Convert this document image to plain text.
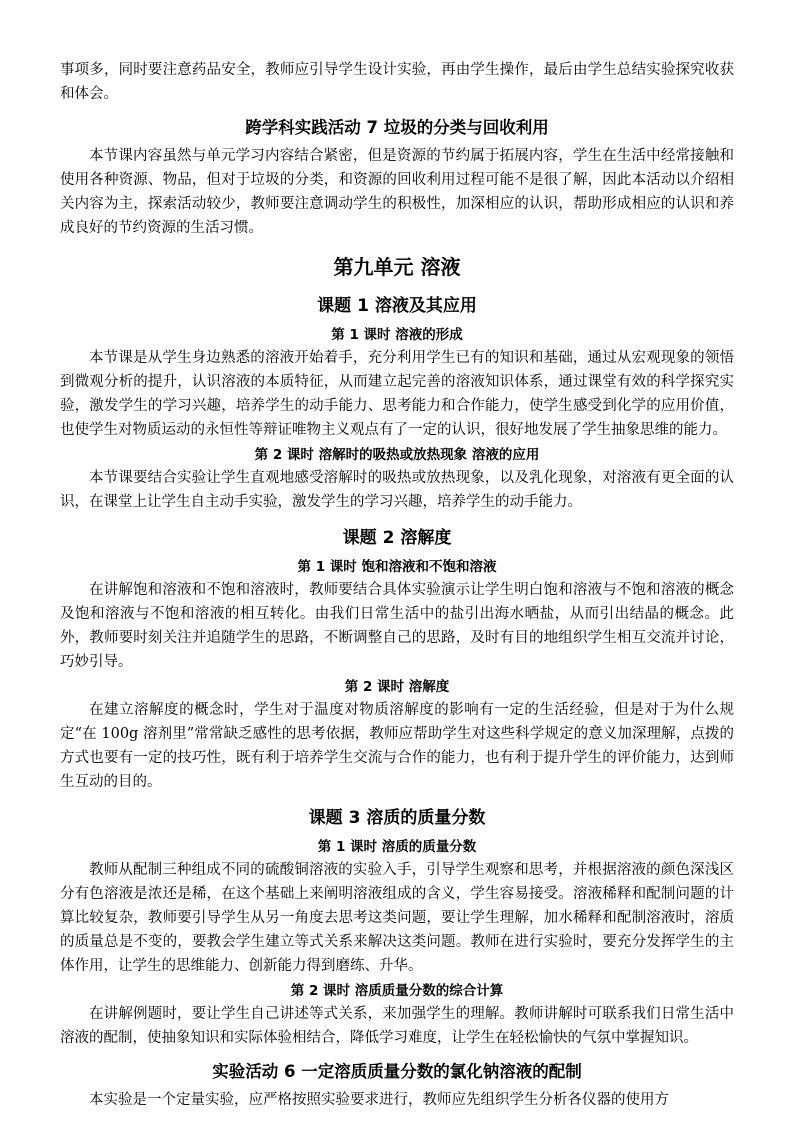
事项多，同时要注意药品安全，教师应引导学生设计实验，再由学生操作，最后由学生总结实验探究收获和体会。

跨学科实践活动 7 垃圾的分类与回收利用

本节课内容虽然与单元学习内容结合紧密，但是资源的节约属于拓展内容，学生在生活中经常接触和使用各种资源、物品，但对于垃圾的分类，和资源的回收利用过程可能不是很了解，因此本活动以介绍相关内容为主，探索活动较少，教师要注意调动学生的积极性，加深相应的认识，帮助形成相应的认识和养成良好的节约资源的生活习惯。

第九单元 溶液
课题 1 溶液及其应用
第 1 课时 溶液的形成

本节课是从学生身边熟悉的溶液开始着手，充分利用学生已有的知识和基础，通过从宏观现象的领悟到微观分析的提升，认识溶液的本质特征，从而建立起完善的溶液知识体系，通过课堂有效的科学探究实验，激发学生的学习兴趣，培养学生的动手能力、思考能力和合作能力，使学生感受到化学的应用价值，也使学生对物质运动的永恒性等辩证唯物主义观点有了一定的认识，很好地发展了学生抽象思维的能力。

第 2 课时 溶解时的吸热或放热现象 溶液的应用

本节课要结合实验让学生直观地感受溶解时的吸热或放热现象，以及乳化现象，对溶液有更全面的认识，在课堂上让学生自主动手实验，激发学生的学习兴趣，培养学生的动手能力。

课题 2 溶解度
第 1 课时 饱和溶液和不饱和溶液

在讲解饱和溶液和不饱和溶液时，教师要结合具体实验演示让学生明白饱和溶液与不饱和溶液的概念及饱和溶液与不饱和溶液的相互转化。由我们日常生活中的盐引出海水晒盐，从而引出结晶的概念。此外，教师要时刻关注并追随学生的思路，不断调整自己的思路，及时有目的地组织学生相互交流并讨论，巧妙引导。

第 2 课时 溶解度

在建立溶解度的概念时，学生对于温度对物质溶解度的影响有一定的生活经验，但是对于为什么规定“在 100g 溶剂里”常常缺乏感性的思考依据，教师应帮助学生对这些科学规定的意义加深理解，点拨的方式也要有一定的技巧性，既有利于培养学生交流与合作的能力，也有利于提升学生的评价能力，达到师生互动的目的。

课题 3 溶质的质量分数
第 1 课时 溶质的质量分数

教师从配制三种组成不同的硫酸铜溶液的实验入手，引导学生观察和思考，并根据溶液的颜色深浅区分有色溶液是浓还是稀，在这个基础上来阐明溶液组成的含义，学生容易接受。溶液稀释和配制问题的计算比较复杂，教师要引导学生从另一角度去思考这类问题，要让学生理解，加水稀释和配制溶液时，溶质的质量总是不变的，要教会学生建立等式关系来解决这类问题。教师在进行实验时，要充分发挥学生的主体作用，让学生的思维能力、创新能力得到磨练、升华。

第 2 课时 溶质质量分数的综合计算

在讲解例题时，要让学生自己讲述等式关系，来加强学生的理解。教师讲解时可联系我们日常生活中溶液的配制，使抽象知识和实际体验相结合，降低学习难度，让学生在轻松愉快的气氛中掌握知识。

实验活动 6 一定溶质质量分数的氯化钠溶液的配制

本实验是一个定量实验，应严格按照实验要求进行，教师应先组织学生分析各仪器的使用方
